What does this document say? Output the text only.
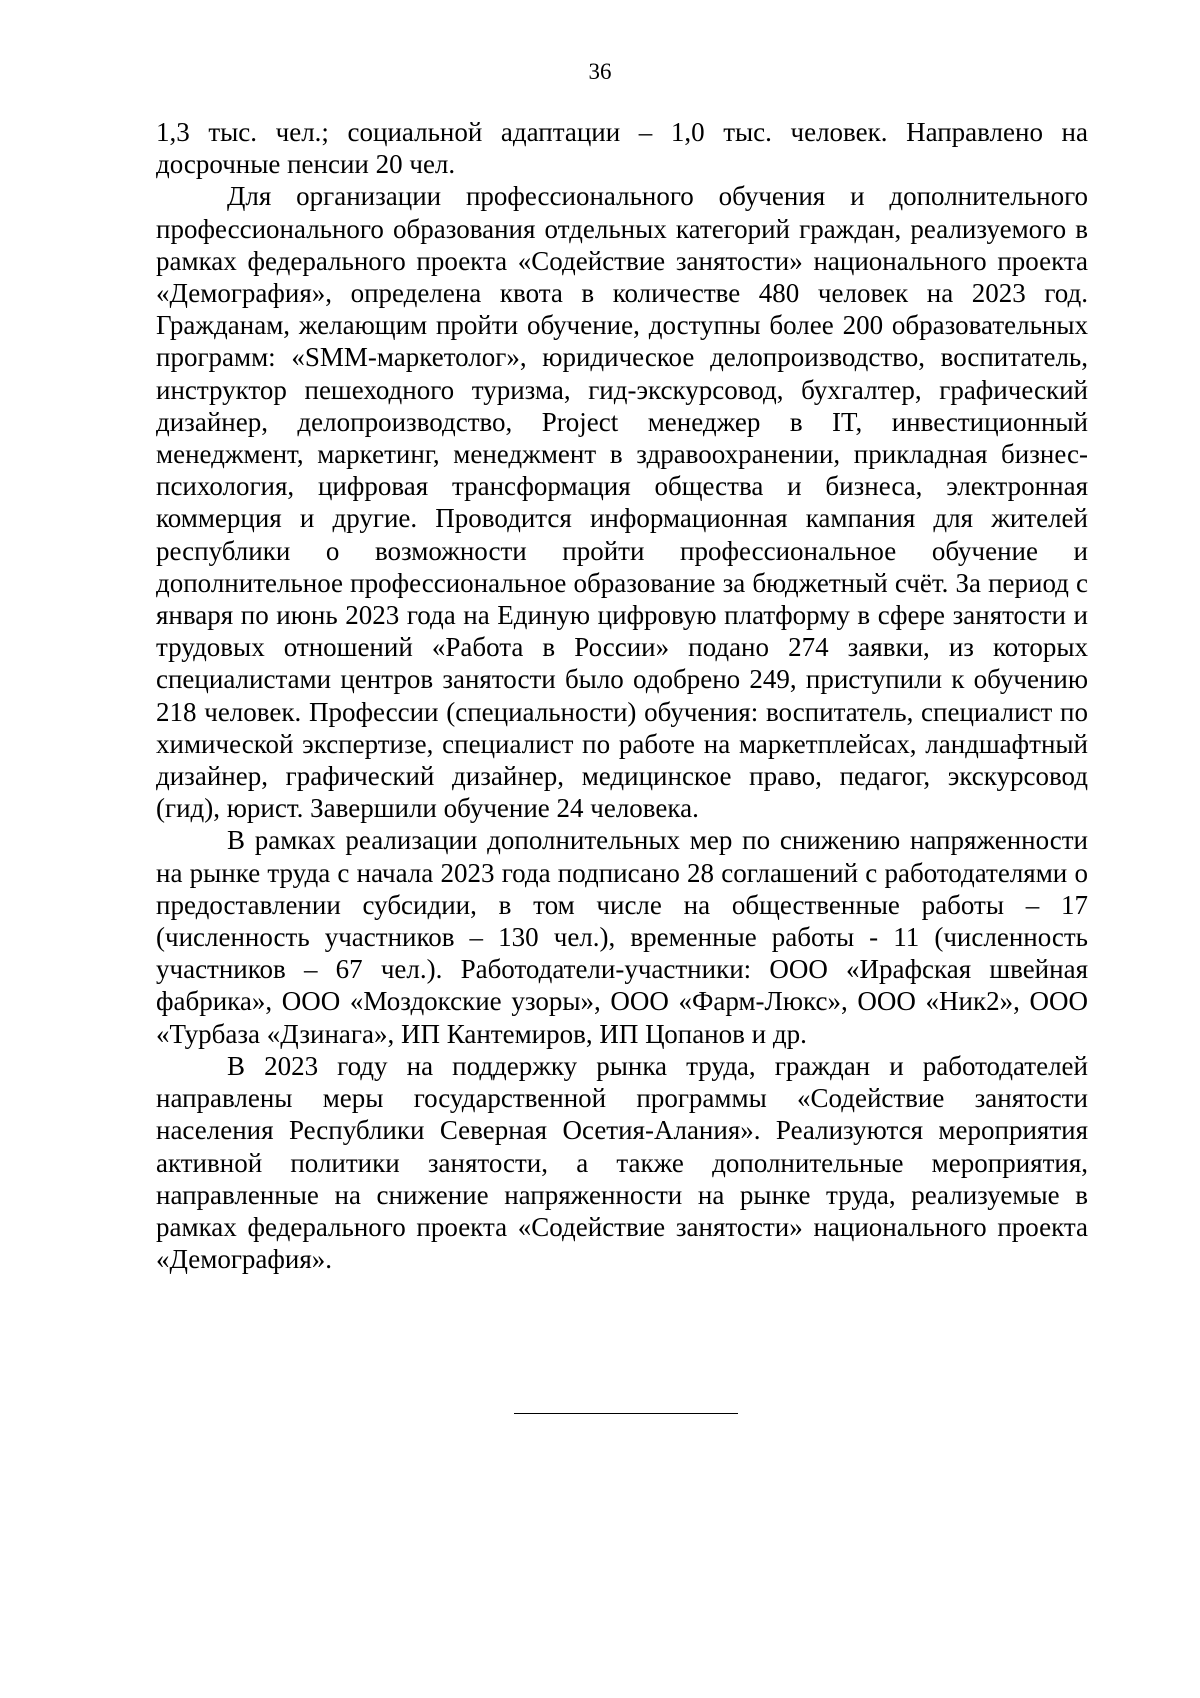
36

1,3 тыс. чел.; социальной адаптации – 1,0 тыс. человек. Направлено на досрочные пенсии 20 чел.

Для организации профессионального обучения и дополнительного профессионального образования отдельных категорий граждан, реализуемого в рамках федерального проекта «Содействие занятости» национального проекта «Демография», определена квота в количестве 480 человек на 2023 год. Гражданам, желающим пройти обучение, доступны более 200 образовательных программ: «SMM-маркетолог», юридическое делопроизводство, воспитатель, инструктор пешеходного туризма, гид-экскурсовод, бухгалтер, графический дизайнер, делопроизводство, Project менеджер в IT, инвестиционный менеджмент, маркетинг, менеджмент в здравоохранении, прикладная бизнес-психология, цифровая трансформация общества и бизнеса, электронная коммерция и другие. Проводится информационная кампания для жителей республики о возможности пройти профессиональное обучение и дополнительное профессиональное образование за бюджетный счёт. За период с января по июнь 2023 года на Единую цифровую платформу в сфере занятости и трудовых отношений «Работа в России» подано 274 заявки, из которых специалистами центров занятости было одобрено 249, приступили к обучению 218 человек. Профессии (специальности) обучения: воспитатель, специалист по химической экспертизе, специалист по работе на маркетплейсах, ландшафтный дизайнер, графический дизайнер, медицинское право, педагог, экскурсовод (гид), юрист. Завершили обучение 24 человека.

В рамках реализации дополнительных мер по снижению напряженности на рынке труда с начала 2023 года подписано 28 соглашений с работодателями о предоставлении субсидии, в том числе на общественные работы – 17 (численность участников – 130 чел.), временные работы - 11 (численность участников – 67 чел.). Работодатели-участники: ООО «Ирафская швейная фабрика», ООО «Моздокские узоры», ООО «Фарм-Люкс», ООО «Ник2», ООО «Турбаза «Дзинага», ИП Кантемиров, ИП Цопанов и др.

В 2023 году на поддержку рынка труда, граждан и работодателей направлены меры государственной программы «Содействие занятости населения Республики Северная Осетия-Алания». Реализуются мероприятия активной политики занятости, а также дополнительные мероприятия, направленные на снижение напряженности на рынке труда, реализуемые в рамках федерального проекта «Содействие занятости» национального проекта «Демография».
